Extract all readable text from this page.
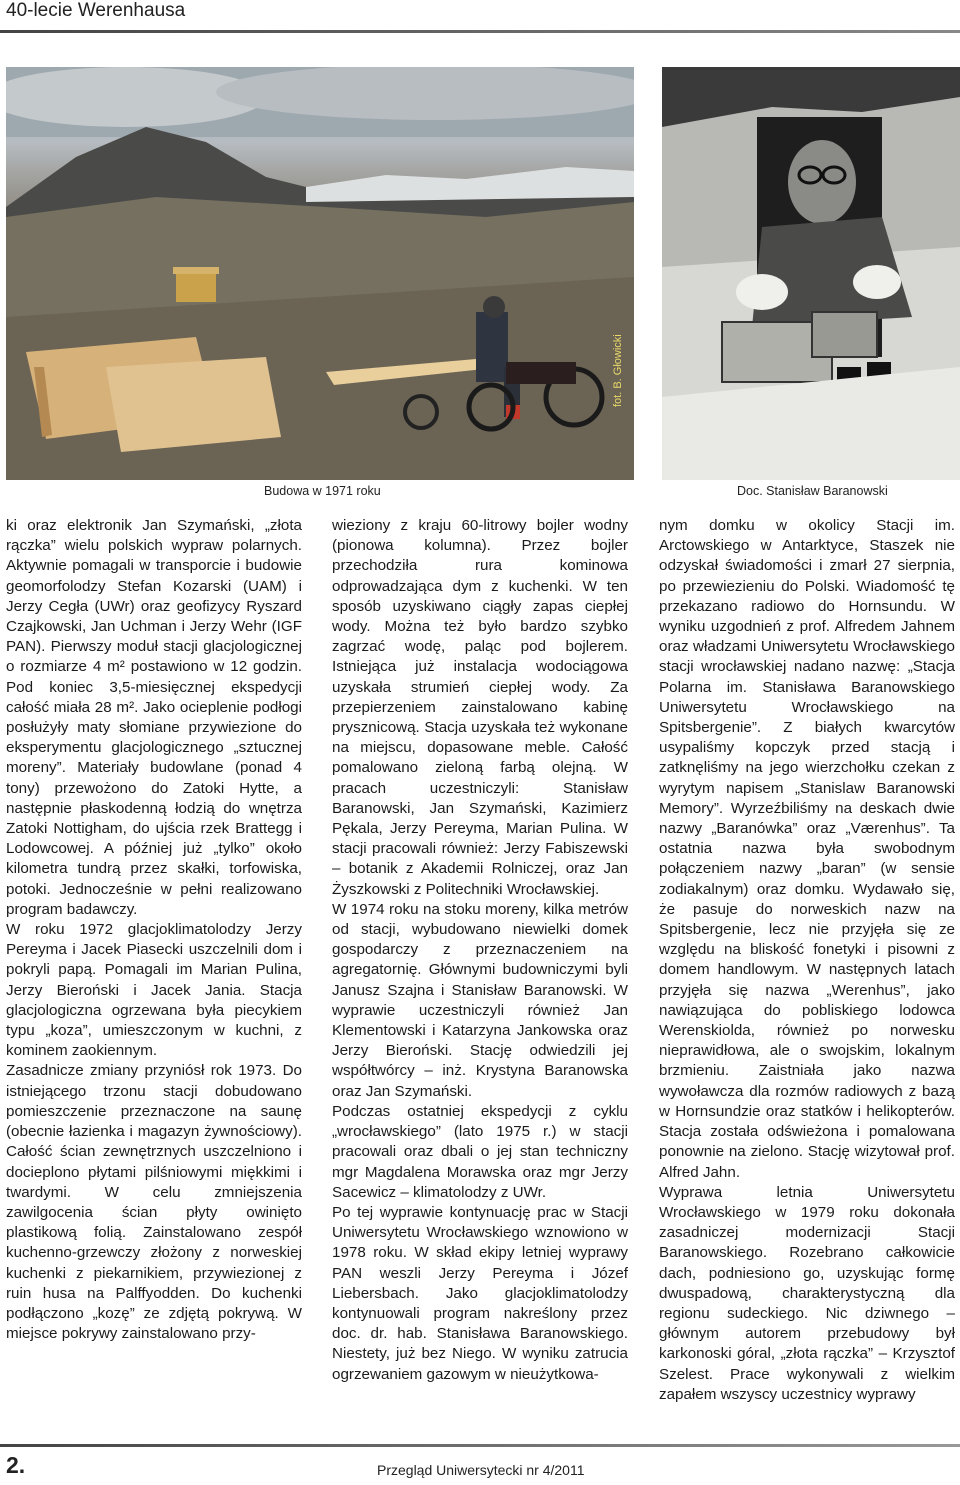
40-lecie Werenhausa
fot. B. Głowicki
Budowa w 1971 roku	Doc. Stanisław Baranowski

ki oraz elektronik Jan Szymański, „złota rączka” wielu polskich wypraw polarnych. Aktywnie pomagali w transporcie i budowie geomorfolodzy Stefan Kozarski (UAM) i Jerzy Cegła (UWr) oraz geofizycy Ryszard Czajkowski, Jan Uchman i Jerzy Wehr (IGF PAN). Pierwszy moduł stacji glacjologicznej o rozmiarze 4 m² postawiono w 12 godzin. Pod koniec 3,5-miesięcznej ekspedycji całość miała 28 m². Jako ocieplenie podłogi posłużyły maty słomiane przywiezione do eksperymentu glacjologicznego „sztucznej moreny”. Materiały budowlane (ponad 4 tony) przewożono do Zatoki Hytte, a następnie płaskodenną łodzią do wnętrza Zatoki Nottigham, do ujścia rzek Brattegg i Lodowcowej. A później już „tylko” około kilometra tundrą przez skałki, torfowiska, potoki. Jednocześnie w pełni realizowano program badawczy.

W roku 1972 glacjoklimatolodzy Jerzy Pereyma i Jacek Piasecki uszczelnili dom i pokryli papą. Pomagali im Marian Pulina, Jerzy Bieroński i Jacek Jania. Stacja glacjologiczna ogrzewana była piecykiem typu „koza”, umieszczonym w kuchni, z kominem zaokiennym.

Zasadnicze zmiany przyniósł rok 1973. Do istniejącego trzonu stacji dobudowano pomieszczenie przeznaczone na saunę (obecnie łazienka i magazyn żywnościowy). Całość ścian zewnętrznych uszczelniono i docieplono płytami pilśniowymi miękkimi i twardymi. W celu zmniejszenia zawilgocenia ścian płyty owinięto plastikową folią. Zainstalowano zespół kuchenno-grzewczy złożony z norweskiej kuchenki z piekarnikiem, przywiezionej z ruin husa na Palffyodden. Do kuchenki podłączono „kozę” ze zdjętą pokrywą. W miejsce pokrywy zainstalowano przy-

wieziony z kraju 60-litrowy bojler wodny (pionowa kolumna). Przez bojler przechodziła rura kominowa odprowadzająca dym z kuchenki. W ten sposób uzyskiwano ciągły zapas ciepłej wody. Można też było bardzo szybko zagrzać wodę, paląc pod bojlerem. Istniejąca już instalacja wodociągowa uzyskała strumień ciepłej wody. Za przepierzeniem zainstalowano kabinę prysznicową. Stacja uzyskała też wykonane na miejscu, dopasowane meble. Całość pomalowano zieloną farbą olejną. W pracach uczestniczyli: Stanisław Baranowski, Jan Szymański, Kazimierz Pękala, Jerzy Pereyma, Marian Pulina. W stacji pracowali również: Jerzy Fabiszewski – botanik z Akademii Rolniczej, oraz Jan Żyszkowski z Politechniki Wrocławskiej.

W 1974 roku na stoku moreny, kilka metrów od stacji, wybudowano niewielki domek gospodarczy z przeznaczeniem na agregatornię. Głównymi budowniczymi byli Janusz Szajna i Stanisław Baranowski. W wyprawie uczestniczyli również Jan Klementowski i Katarzyna Jankowska oraz Jerzy Bieroński. Stację odwiedzili jej współtwórcy – inż. Krystyna Baranowska oraz Jan Szymański.

Podczas ostatniej ekspedycji z cyklu „wrocławskiego” (lato 1975 r.) w stacji pracowali oraz dbali o jej stan techniczny mgr Magdalena Morawska oraz mgr Jerzy Sacewicz – klimatolodzy z UWr.

Po tej wyprawie kontynuację prac w Stacji Uniwersytetu Wrocławskiego wznowiono w 1978 roku. W skład ekipy letniej wyprawy PAN weszli Jerzy Pereyma i Józef Liebersbach. Jako glacjoklimatolodzy kontynuowali program nakreślony przez doc. dr. hab. Stanisława Baranowskiego. Niestety, już bez Niego. W wyniku zatrucia ogrzewaniem gazowym w nieużytkowa-

nym domku w okolicy Stacji im. Arctowskiego w Antarktyce, Staszek nie odzyskał świadomości i zmarł 27 sierpnia, po przewiezieniu do Polski. Wiadomość tę przekazano radiowo do Hornsundu. W wyniku uzgodnień z prof. Alfredem Jahnem oraz władzami Uniwersytetu Wrocławskiego stacji wrocławskiej nadano nazwę: „Stacja Polarna im. Stanisława Baranowskiego Uniwersytetu Wrocławskiego na Spitsbergenie”. Z białych kwarcytów usypaliśmy kopczyk przed stacją i zatknęliśmy na jego wierzchołku czekan z wyrytym napisem „Stanislaw Baranowski Memory”. Wyrzeźbiliśmy na deskach dwie nazwy „Baranówka” oraz „Værenhus”. Ta ostatnia nazwa była swobodnym połączeniem nazwy „baran” (w sensie zodiakalnym) oraz domku. Wydawało się, że pasuje do norweskich nazw na Spitsbergenie, lecz nie przyjęła się ze względu na bliskość fonetyki i pisowni z domem handlowym. W następnych latach przyjęła się nazwa „Werenhus”, jako nawiązująca do pobliskiego lodowca Werenskiolda, również po norwesku nieprawidłowa, ale o swojskim, lokalnym brzmieniu. Zaistniała jako nazwa wywoławcza dla rozmów radiowych z bazą w Hornsundzie oraz statków i helikopterów. Stacja została odświeżona i pomalowana ponownie na zielono. Stację wizytował prof. Alfred Jahn.

Wyprawa letnia Uniwersytetu Wrocławskiego w 1979 roku dokonała zasadniczej modernizacji Stacji Baranowskiego. Rozebrano całkowicie dach, podniesiono go, uzyskując formę dwuspadową, charakterystyczną dla regionu sudeckiego. Nic dziwnego – głównym autorem przebudowy był karkonoski góral, „złota rączka” – Krzysztof Szelest. Prace wykonywali z wielkim zapałem wszyscy uczestnicy wyprawy

2.	Przegląd Uniwersytecki nr 4/2011
